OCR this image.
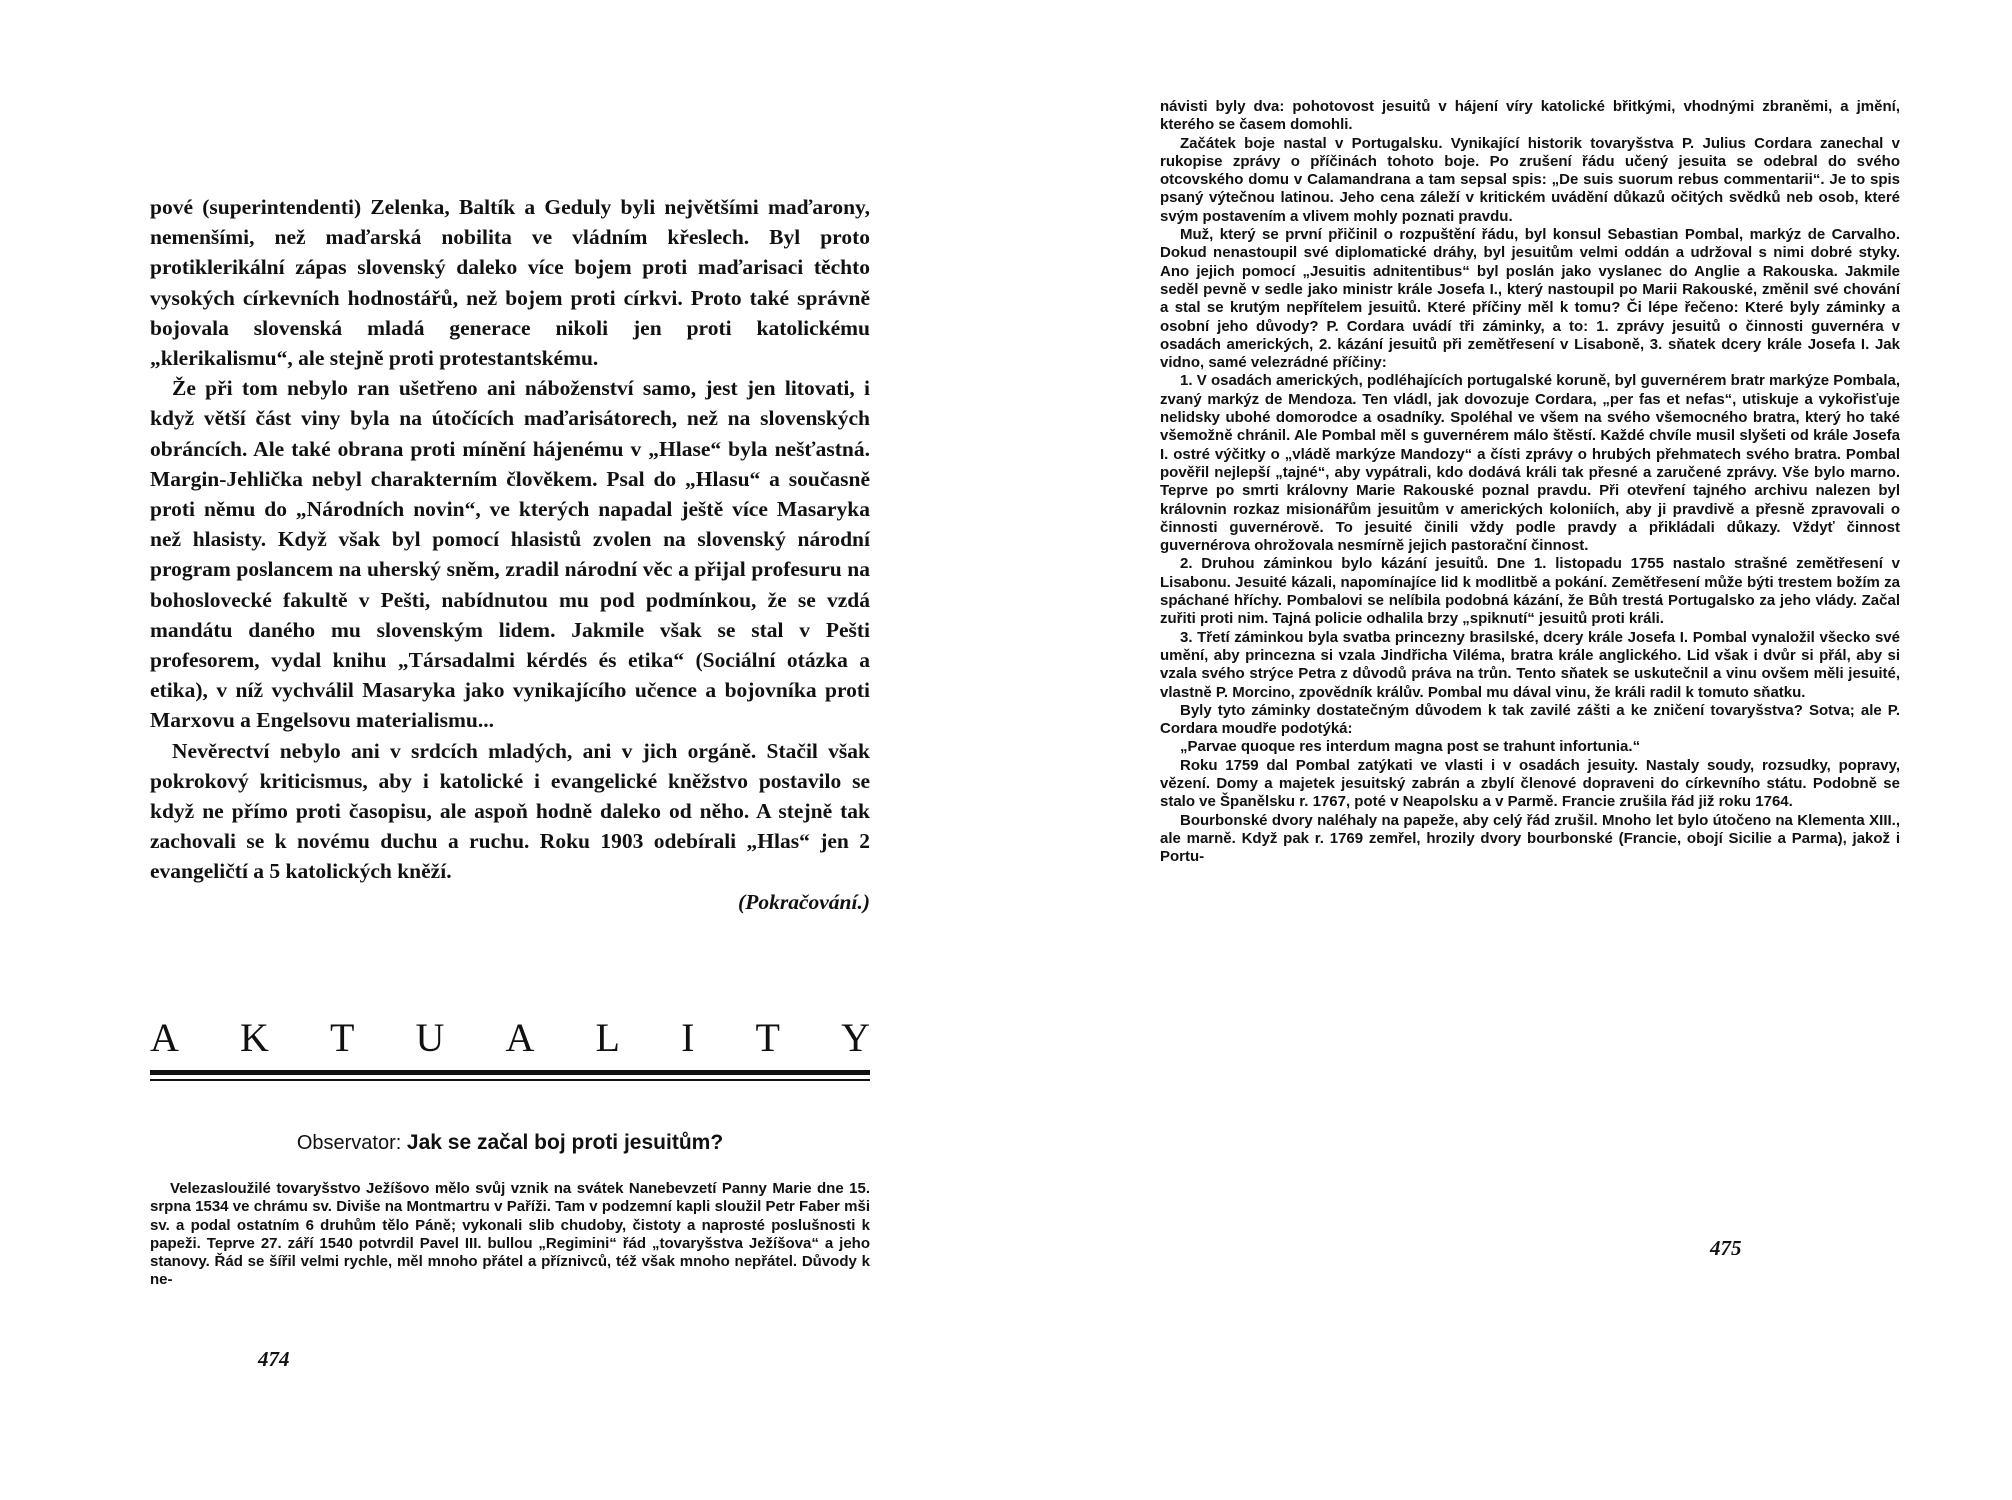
pové (superintendenti) Zelenka, Baltík a Geduly byli největšími maďarony, nemenšími, než maďarská nobilita ve vládním křeslech. Byl proto protiklerikální zápas slovenský daleko více bojem proti maďarisaci těchto vysokých církevních hodnostářů, než bojem proti církvi. Proto také správně bojovala slovenská mladá generace nikoli jen proti katolickému „klerikalismu“, ale stejně proti protestantskému.

Že při tom nebylo ran ušetřeno ani náboženství samo, jest jen litovati, i když větší část viny byla na útočících maďarisátorech, než na slovenských obráncích. Ale také obrana proti mínění hájenému v „Hlase“ byla nešťastná. Margin-Jehlička nebyl charakterním člověkem. Psal do „Hlasu“ a současně proti němu do „Národních novin“, ve kterých napadal ještě více Masaryka než hlasisty. Když však byl pomocí hlasistů zvolen na slovenský národní program poslancem na uherský sněm, zradil národní věc a přijal profesuru na bohoslovecké fakultě v Pešti, nabídnutou mu pod podmínkou, že se vzdá mandátu daného mu slovenským lidem. Jakmile však se stal v Pešti profesorem, vydal knihu „Társadalmi kérdés és etika“ (Sociální otázka a etika), v níž vychválil Masaryka jako vynikajícího učence a bojovníka proti Marxovu a Engelsovu materialismu...

Nevěrectví nebylo ani v srdcích mladých, ani v jich orgáně. Stačil však pokrokový kriticismus, aby i katolické i evangelické kněžstvo postavilo se když ne přímo proti časopisu, ale aspoň hodně daleko od něho. A stejně tak zachovali se k novému duchu a ruchu. Roku 1903 odebírali „Hlas“ jen 2 evangeličtí a 5 katolických kněží.
(Pokračování.)

A K T U A L I T Y
Observator: Jak se začal boj proti jesuitům?

Velezasloužilé tovaryšstvo Ježíšovo mělo svůj vznik na svátek Nanebevzetí Panny Marie dne 15. srpna 1534 ve chrámu sv. Diviše na Montmartru v Paříži. Tam v podzemní kapli sloužil Petr Faber mši sv. a podal ostatním 6 druhům tělo Páně; vykonali slib chudoby, čistoty a naprosté poslušnosti k papeži. Teprve 27. září 1540 potvrdil Pavel III. bullou „Regimini“ řád „tovaryšstva Ježíšova“ a jeho stanovy. Řád se šířil velmi rychle, měl mnoho přátel a příznivců, též však mnoho nepřátel. Důvody k ne-

474

návisti byly dva: pohotovost jesuitů v hájení víry katolické břitkými, vhodnými zbraněmi, a jmění, kterého se časem domohli.

Začátek boje nastal v Portugalsku. Vynikající historik tovaryšstva P. Julius Cordara zanechal v rukopise zprávy o příčinách tohoto boje. Po zrušení řádu učený jesuita se odebral do svého otcovského domu v Calamandrana a tam sepsal spis: „De suis suorum rebus commentarii“. Je to spis psaný výtečnou latinou. Jeho cena záleží v kritickém uvádění důkazů očitých svědků neb osob, které svým postavením a vlivem mohly poznati pravdu.

Muž, který se první přičinil o rozpuštění řádu, byl konsul Sebastian Pombal, markýz de Carvalho. Dokud nenastoupil své diplomatické dráhy, byl jesuitům velmi oddán a udržoval s nimi dobré styky. Ano jejich pomocí „Jesuitis adnitentibus“ byl poslán jako vyslanec do Anglie a Rakouska. Jakmile seděl pevně v sedle jako ministr krále Josefa I., který nastoupil po Marii Rakouské, změnil své chování a stal se krutým nepřítelem jesuitů. Které příčiny měl k tomu? Či lépe řečeno: Které byly záminky a osobní jeho důvody? P. Cordara uvádí tři záminky, a to: 1. zprávy jesuitů o činnosti guvernéra v osadách amerických, 2. kázání jesuitů při zemětřesení v Lisaboně, 3. sňatek dcery krále Josefa I. Jak vidno, samé velezrádné příčiny:

1. V osadách amerických, podléhajících portugalské koruně, byl guvernérem bratr markýze Pombala, zvaný markýz de Mendoza. Ten vládl, jak dovozuje Cordara, „per fas et nefas“, utiskuje a vykořisťuje nelidsky ubohé domorodce a osadníky. Spoléhal ve všem na svého všemocného bratra, který ho také všemožně chránil. Ale Pombal měl s guvernérem málo štěstí. Každé chvíle musil slyšeti od krále Josefa I. ostré výčitky o „vládě markýze Mandozy“ a čísti zprávy o hrubých přehmatech svého bratra. Pombal pověřil nejlepší „tajné“, aby vypátrali, kdo dodává králi tak přesné a zaručené zprávy. Vše bylo marno. Teprve po smrti královny Marie Rakouské poznal pravdu. Při otevření tajného archivu nalezen byl královnin rozkaz misionářům jesuitům v amerických koloniích, aby ji pravdivě a přesně zpravovali o činnosti guvernérově. To jesuité činili vždy podle pravdy a přikládali důkazy. Vždyť činnost guvernérova ohrožovala nesmírně jejich pastorační činnost.

2. Druhou záminkou bylo kázání jesuitů. Dne 1. listopadu 1755 nastalo strašné zemětřesení v Lisabonu. Jesuité kázali, napomínajíce lid k modlitbě a pokání. Zemětřesení může býti trestem božím za spáchané hříchy. Pombalovi se nelíbila podobná kázání, že Bůh trestá Portugalsko za jeho vlády. Začal zuřiti proti nim. Tajná policie odhalila brzy „spiknutí“ jesuitů proti králi.

3. Třetí záminkou byla svatba princezny brasilské, dcery krále Josefa I. Pombal vynaložil všecko své umění, aby princezna si vzala Jindřicha Viléma, bratra krále anglického. Lid však i dvůr si přál, aby si vzala svého strýce Petra z důvodů práva na trůn. Tento sňatek se uskutečnil a vinu ovšem měli jesuité, vlastně P. Morcino, zpovědník králův. Pombal mu dával vinu, že králi radil k tomuto sňatku.

Byly tyto záminky dostatečným důvodem k tak zavilé zášti a ke zničení tovaryšstva? Sotva; ale P. Cordara moudře podotýká:

„Parvae quoque res interdum magna post se trahunt infortunia.“

Roku 1759 dal Pombal zatýkati ve vlasti i v osadách jesuity. Nastaly soudy, rozsudky, popravy, vězení. Domy a majetek jesuitský zabrán a zbylí členové dopraveni do církevního státu. Podobně se stalo ve Španělsku r. 1767, poté v Neapolsku a v Parmě. Francie zrušila řád již roku 1764.

Bourbonské dvory naléhaly na papeže, aby celý řád zrušil. Mnoho let bylo útočeno na Klementa XIII., ale marně. Když pak r. 1769 zemřel, hrozily dvory bourbonské (Francie, obojí Sicilie a Parma), jakož i Portu-

475
